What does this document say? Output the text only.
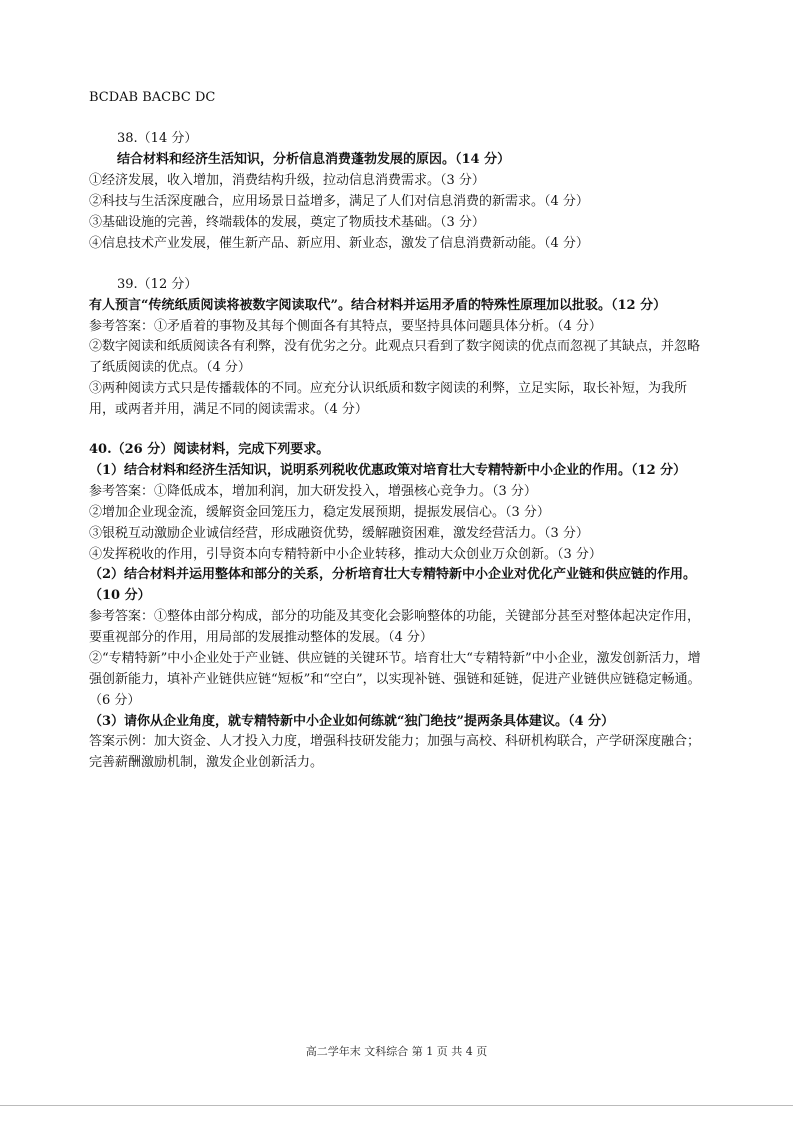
BCDAB BACBC DC
38.（14 分）
结合材料和经济生活知识，分析信息消费蓬勃发展的原因。（14 分）
①经济发展，收入增加，消费结构升级，拉动信息消费需求。（3 分）
②科技与生活深度融合，应用场景日益增多，满足了人们对信息消费的新需求。（4 分）
③基础设施的完善，终端载体的发展，奠定了物质技术基础。（3 分）
④信息技术产业发展，催生新产品、新应用、新业态，激发了信息消费新动能。（4 分）
39.（12 分）
有人预言“传统纸质阅读将被数字阅读取代”。结合材料并运用矛盾的特殊性原理加以批驳。（12 分）
参考答案：①矛盾着的事物及其每个侧面各有其特点，要坚持具体问题具体分析。（4 分）
②数字阅读和纸质阅读各有利弊，没有优劣之分。此观点只看到了数字阅读的优点而忽视了其缺点，并忽略了纸质阅读的优点。（4 分）
③两种阅读方式只是传播载体的不同。应充分认识纸质和数字阅读的利弊，立足实际，取长补短，为我所用，或两者并用，满足不同的阅读需求。（4 分）
40.（26 分）阅读材料，完成下列要求。
（1）结合材料和经济生活知识，说明系列税收优惠政策对培育壮大专精特新中小企业的作用。（12 分）
参考答案：①降低成本，增加利润，加大研发投入，增强核心竞争力。（3 分）
②增加企业现金流，缓解资金回笼压力，稳定发展预期，提振发展信心。（3 分）
③银税互动激励企业诚信经营，形成融资优势，缓解融资困难，激发经营活力。（3 分）
④发挥税收的作用，引导资本向专精特新中小企业转移，推动大众创业万众创新。（3 分）
（2）结合材料并运用整体和部分的关系，分析培育壮大专精特新中小企业对优化产业链和供应链的作用。（10 分）
参考答案：①整体由部分构成，部分的功能及其变化会影响整体的功能，关键部分甚至对整体起决定作用，要重视部分的作用，用局部的发展推动整体的发展。（4 分）
②“专精特新”中小企业处于产业链、供应链的关键环节。培育壮大“专精特新”中小企业，激发创新活力，增强创新能力，填补产业链供应链“短板”和“空白”，以实现补链、强链和延链，促进产业链供应链稳定畅通。（6 分）
（3）请你从企业角度，就专精特新中小企业如何练就“独门绝技”提两条具体建议。（4 分）
答案示例：加大资金、人才投入力度，增强科技研发能力；加强与高校、科研机构联合，产学研深度融合；完善薪酬激励机制，激发企业创新活力。
高二学年末 文科综合 第 1 页 共 4 页
